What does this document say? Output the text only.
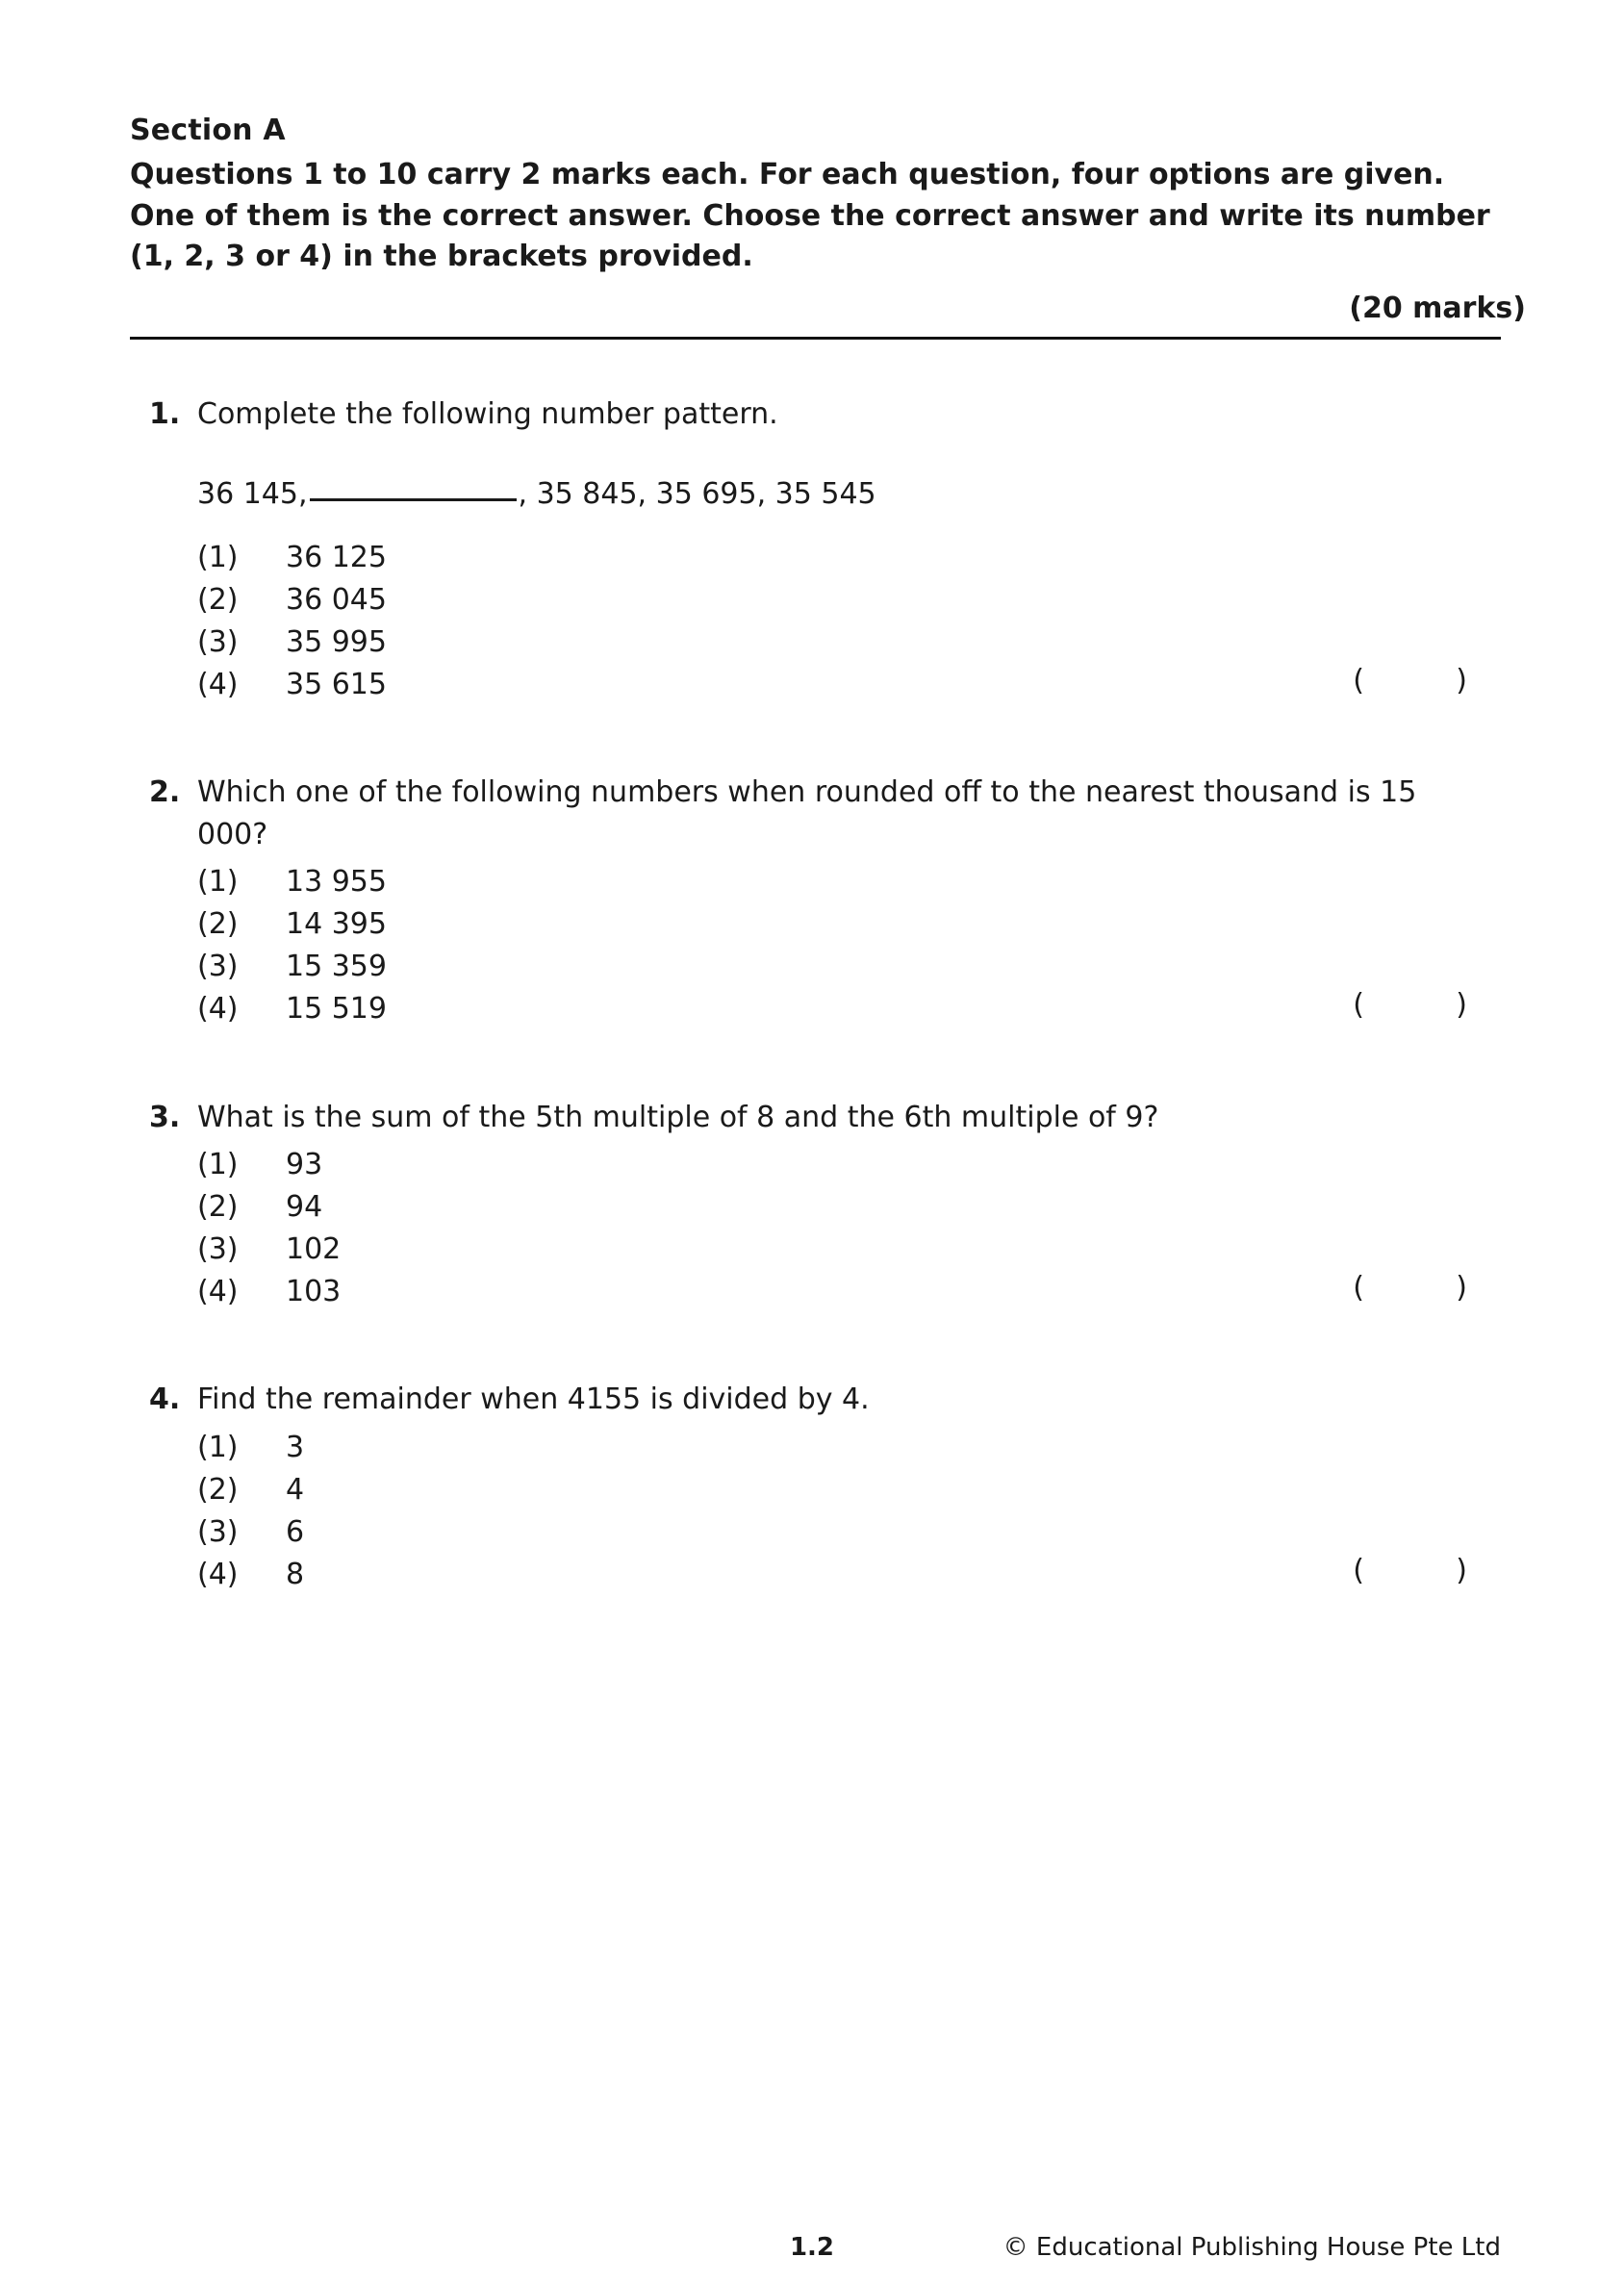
Section A
Questions 1 to 10 carry 2 marks each. For each question, four options are given. One of them is the correct answer. Choose the correct answer and write its number (1, 2, 3 or 4) in the brackets provided.
(20 marks)
1. Complete the following number pattern.
36 145,	, 35 845, 35 695, 35 545
(1)	36 125
(2)	36 045
(3)	35 995
(4)	35 615	(          )
2. Which one of the following numbers when rounded off to the nearest thousand is 15 000?
(1)	13 955
(2)	14 395
(3)	15 359
(4)	15 519	(          )
3. What is the sum of the 5th multiple of 8 and the 6th multiple of 9?
(1)	93
(2)	94
(3)	102
(4)	103	(          )
4. Find the remainder when 4155 is divided by 4.
(1)	3
(2)	4
(3)	6
(4)	8	(          )
1.2	© Educational Publishing House Pte Ltd
